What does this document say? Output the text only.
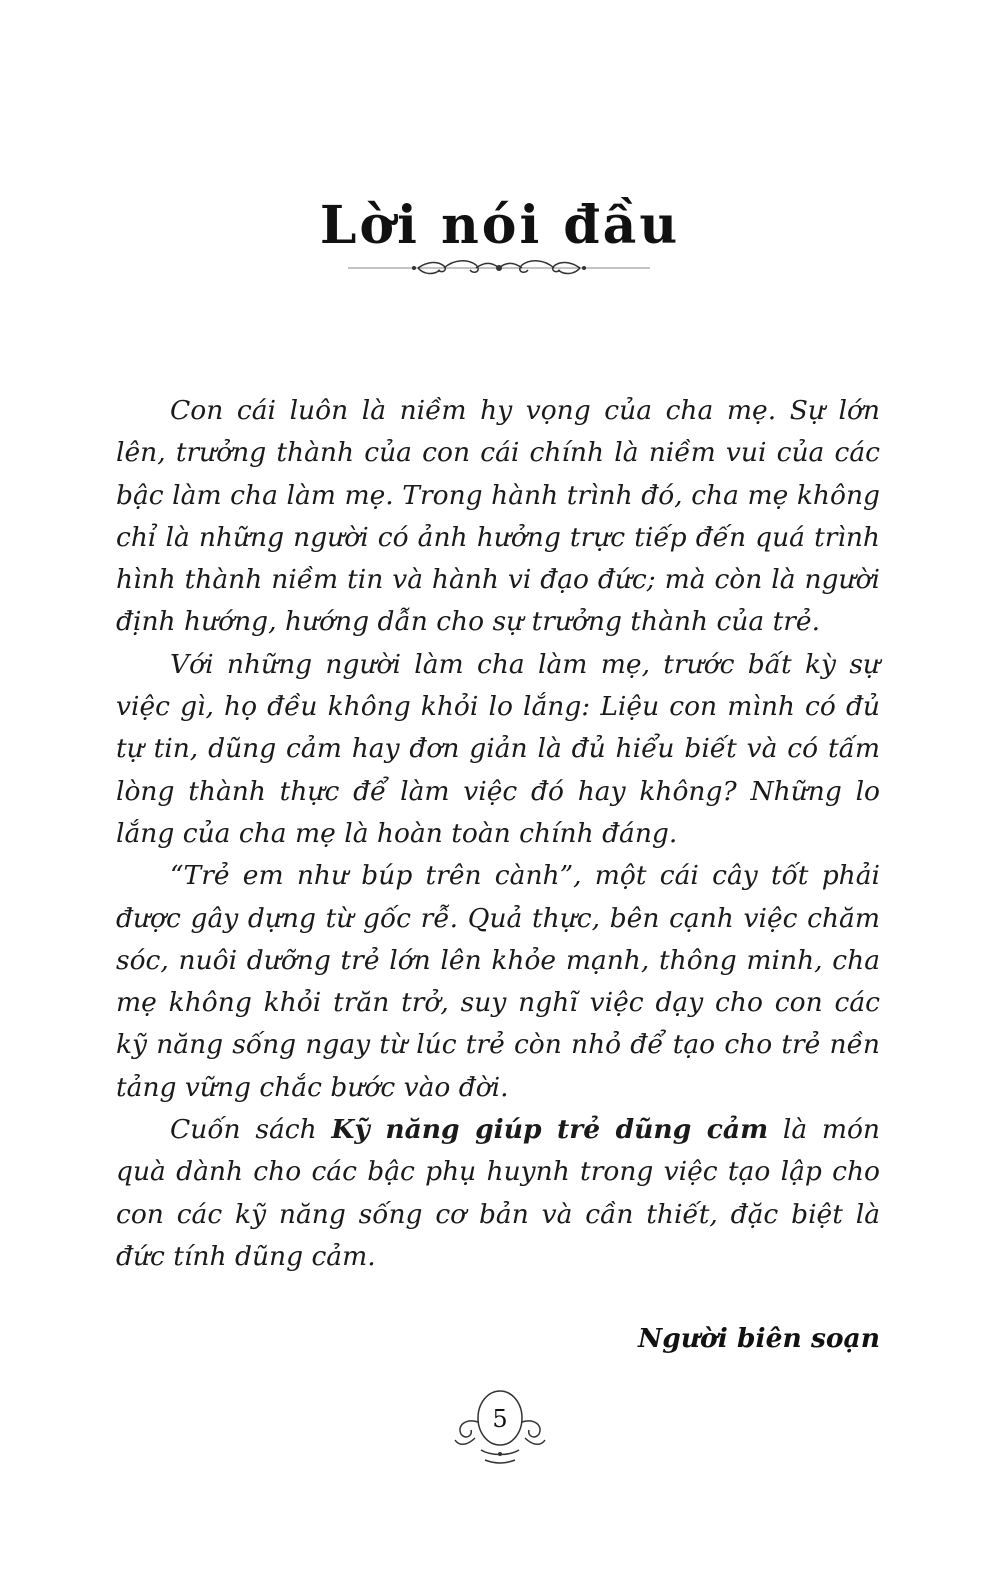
Lời nói đầu

Con cái luôn là niềm hy vọng của cha mẹ. Sự lớn lên, trưởng thành của con cái chính là niềm vui của các bậc làm cha làm mẹ. Trong hành trình đó, cha mẹ không chỉ là những người có ảnh hưởng trực tiếp đến quá trình hình thành niềm tin và hành vi đạo đức; mà còn là người định hướng, hướng dẫn cho sự trưởng thành của trẻ.

Với những người làm cha làm mẹ, trước bất kỳ sự việc gì, họ đều không khỏi lo lắng: Liệu con mình có đủ tự tin, dũng cảm hay đơn giản là đủ hiểu biết và có tấm lòng thành thực để làm việc đó hay không? Những lo lắng của cha mẹ là hoàn toàn chính đáng.

“Trẻ em như búp trên cành”, một cái cây tốt phải được gây dựng từ gốc rễ. Quả thực, bên cạnh việc chăm sóc, nuôi dưỡng trẻ lớn lên khỏe mạnh, thông minh, cha mẹ không khỏi trăn trở, suy nghĩ việc dạy cho con các kỹ năng sống ngay từ lúc trẻ còn nhỏ để tạo cho trẻ nền tảng vững chắc bước vào đời.

Cuốn sách Kỹ năng giúp trẻ dũng cảm là món quà dành cho các bậc phụ huynh trong việc tạo lập cho con các kỹ năng sống cơ bản và cần thiết, đặc biệt là đức tính dũng cảm.

Người biên soạn
5
